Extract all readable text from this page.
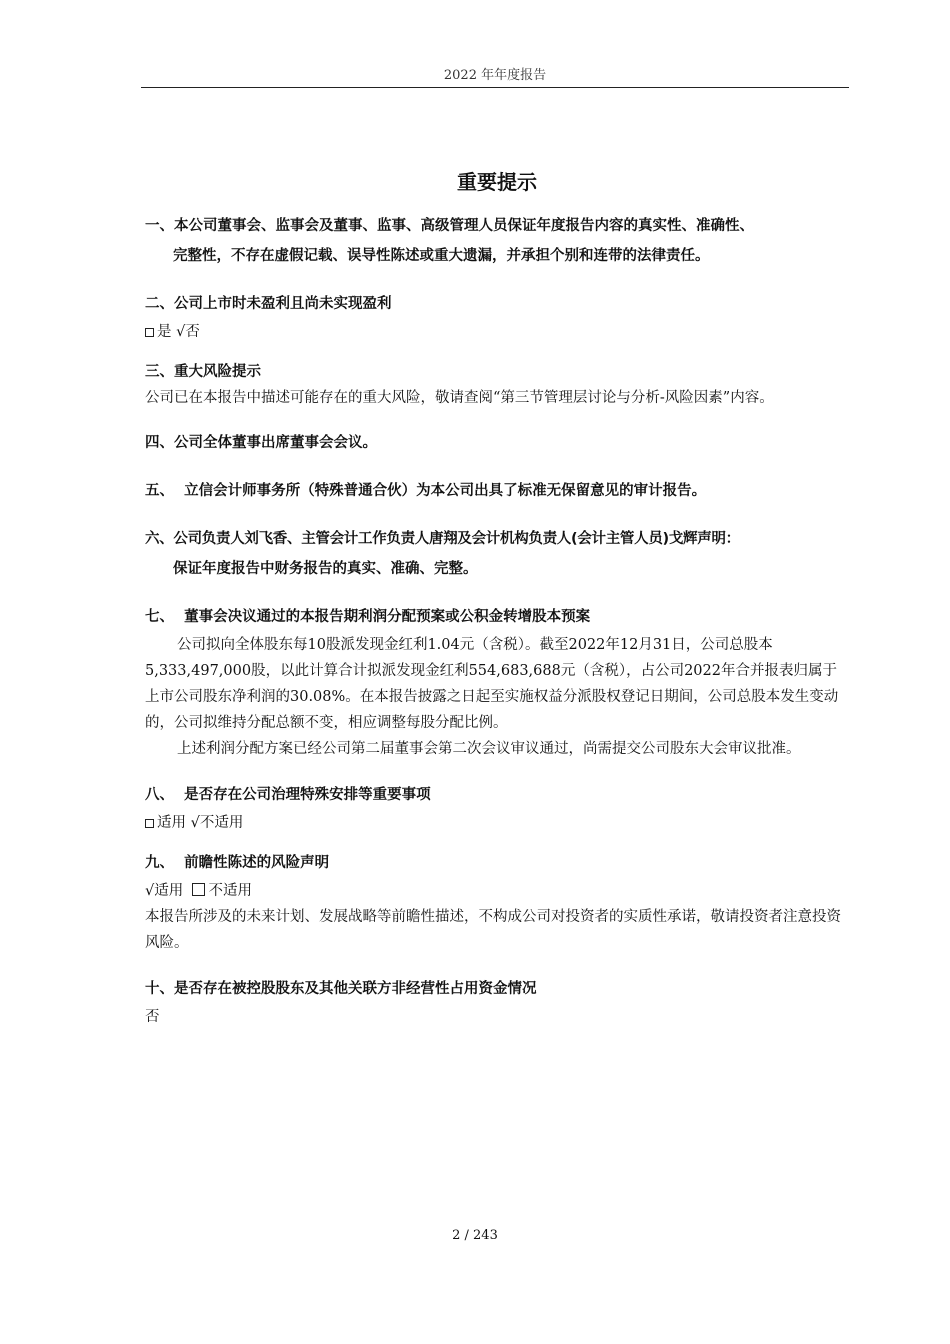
2022 年年度报告
重要提示

一、本公司董事会、监事会及董事、监事、高级管理人员保证年度报告内容的真实性、准确性、

完整性，不存在虚假记载、误导性陈述或重大遗漏，并承担个别和连带的法律责任。

二、公司上市时未盈利且尚未实现盈利

是 √否

三、重大风险提示

公司已在本报告中描述可能存在的重大风险，敬请查阅“第三节管理层讨论与分析-风险因素”内容。

四、公司全体董事出席董事会会议。

五、  立信会计师事务所（特殊普通合伙）为本公司出具了标准无保留意见的审计报告。

六、公司负责人刘飞香、主管会计工作负责人唐翔及会计机构负责人(会计主管人员)戈辉声明：

保证年度报告中财务报告的真实、准确、完整。

七、  董事会决议通过的本报告期利润分配预案或公积金转增股本预案

公司拟向全体股东每10股派发现金红利1.04元（含税）。截至2022年12月31日，公司总股本5,333,497,000股，以此计算合计拟派发现金红利554,683,688元（含税），占公司2022年合并报表归属于上市公司股东净利润的30.08%。在本报告披露之日起至实施权益分派股权登记日期间，公司总股本发生变动的，公司拟维持分配总额不变，相应调整每股分配比例。

上述利润分配方案已经公司第二届董事会第二次会议审议通过，尚需提交公司股东大会审议批准。

八、  是否存在公司治理特殊安排等重要事项

适用 √不适用

九、  前瞻性陈述的风险声明

√适用 不适用

本报告所涉及的未来计划、发展战略等前瞻性描述，不构成公司对投资者的实质性承诺，敬请投资者注意投资风险。

十、是否存在被控股股东及其他关联方非经营性占用资金情况

否

2 / 243
